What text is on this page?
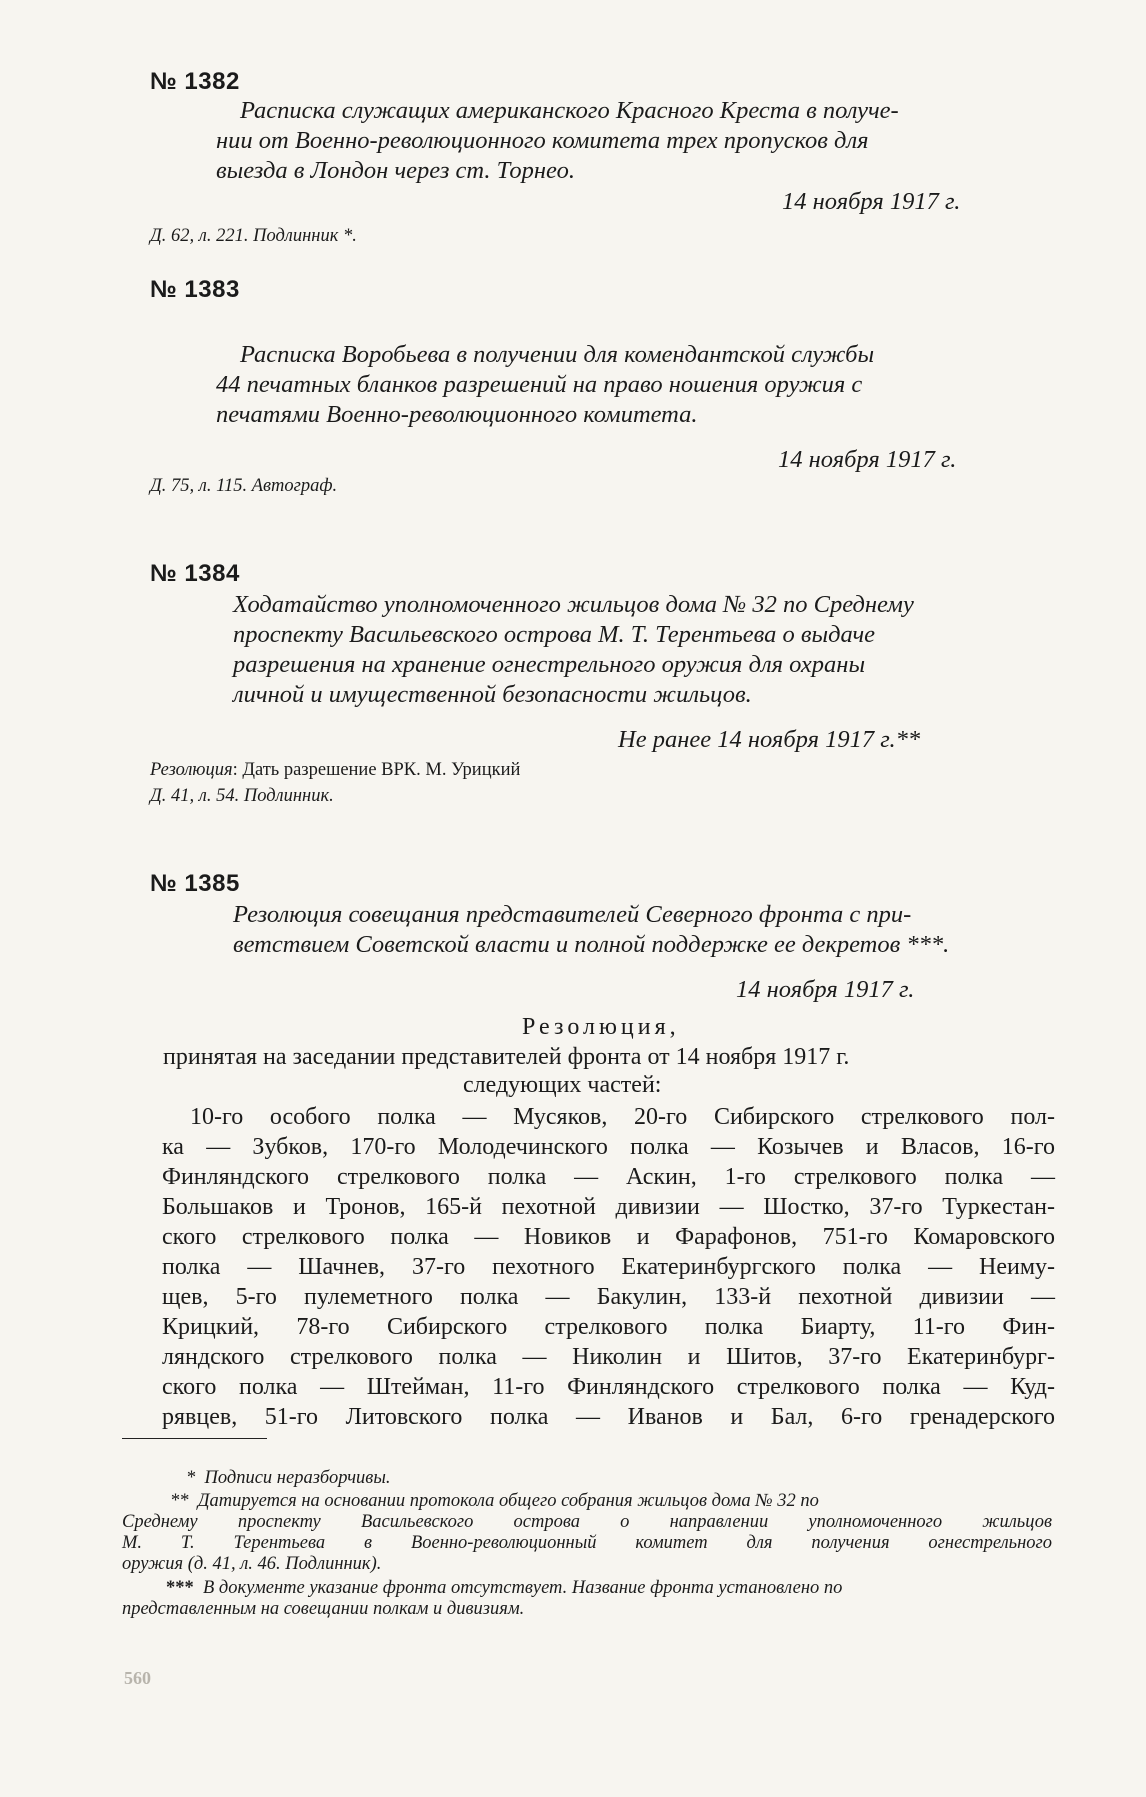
№ 1382
Расписка служащих американского Красного Креста в получе-
нии от Военно-революционного комитета трех пропусков для
выезда в Лондон через ст. Торнео.
14 ноября 1917 г.
Д. 62, л. 221. Подлинник *.
№ 1383
Расписка Воробьева в получении для комендантской службы
44 печатных бланков разрешений на право ношения оружия с
печатями Военно-революционного комитета.
14 ноября 1917 г.
Д. 75, л. 115. Автограф.
№ 1384
Ходатайство уполномоченного жильцов дома № 32 по Среднему
проспекту Васильевского острова М. Т. Терентьева о выдаче
разрешения на хранение огнестрельного оружия для охраны
личной и имущественной безопасности жильцов.
Не ранее 14 ноября 1917 г.**
Резолюция: Дать разрешение ВРК. М. Урицкий
Д. 41, л. 54. Подлинник.
№ 1385
Резолюция совещания представителей Северного фронта с при-
ветствием Советской власти и полной поддержке ее декретов ***.
14 ноября 1917 г.
Резолюция,
принятая на заседании представителей фронта от 14 ноября 1917 г.
следующих частей:
10-го особого полка — Мусяков, 20-го Сибирского стрелкового пол-
ка — Зубков, 170-го Молодечинского полка — Козычев и Власов, 16-го
Финляндского стрелкового полка — Аскин, 1-го стрелкового полка —
Большаков и Тронов, 165-й пехотной дивизии — Шостко, 37-го Туркестан-
ского стрелкового полка — Новиков и Фарафонов, 751-го Комаровского
полка — Шачнев, 37-го пехотного Екатеринбургского полка — Неиму-
щев, 5-го пулеметного полка — Бакулин, 133-й пехотной дивизии —
Крицкий, 78-го Сибирского стрелкового полка Биарту, 11-го Фин-
ляндского стрелкового полка — Николин и Шитов, 37-го Екатеринбург-
ского полка — Штейман, 11-го Финляндского стрелкового полка — Куд-
рявцев, 51-го Литовского полка — Иванов и Бал, 6-го гренадерского
* Подписи неразборчивы.
** Датируется на основании протокола общего собрания жильцов дома № 32 по
Среднему проспекту Васильевского острова о направлении уполномоченного жильцов
М. Т. Терентьева в Военно-революционный комитет для получения огнестрельного
оружия (д. 41, л. 46. Подлинник).
*** В документе указание фронта отсутствует. Название фронта установлено по
представленным на совещании полкам и дивизиям.
560
